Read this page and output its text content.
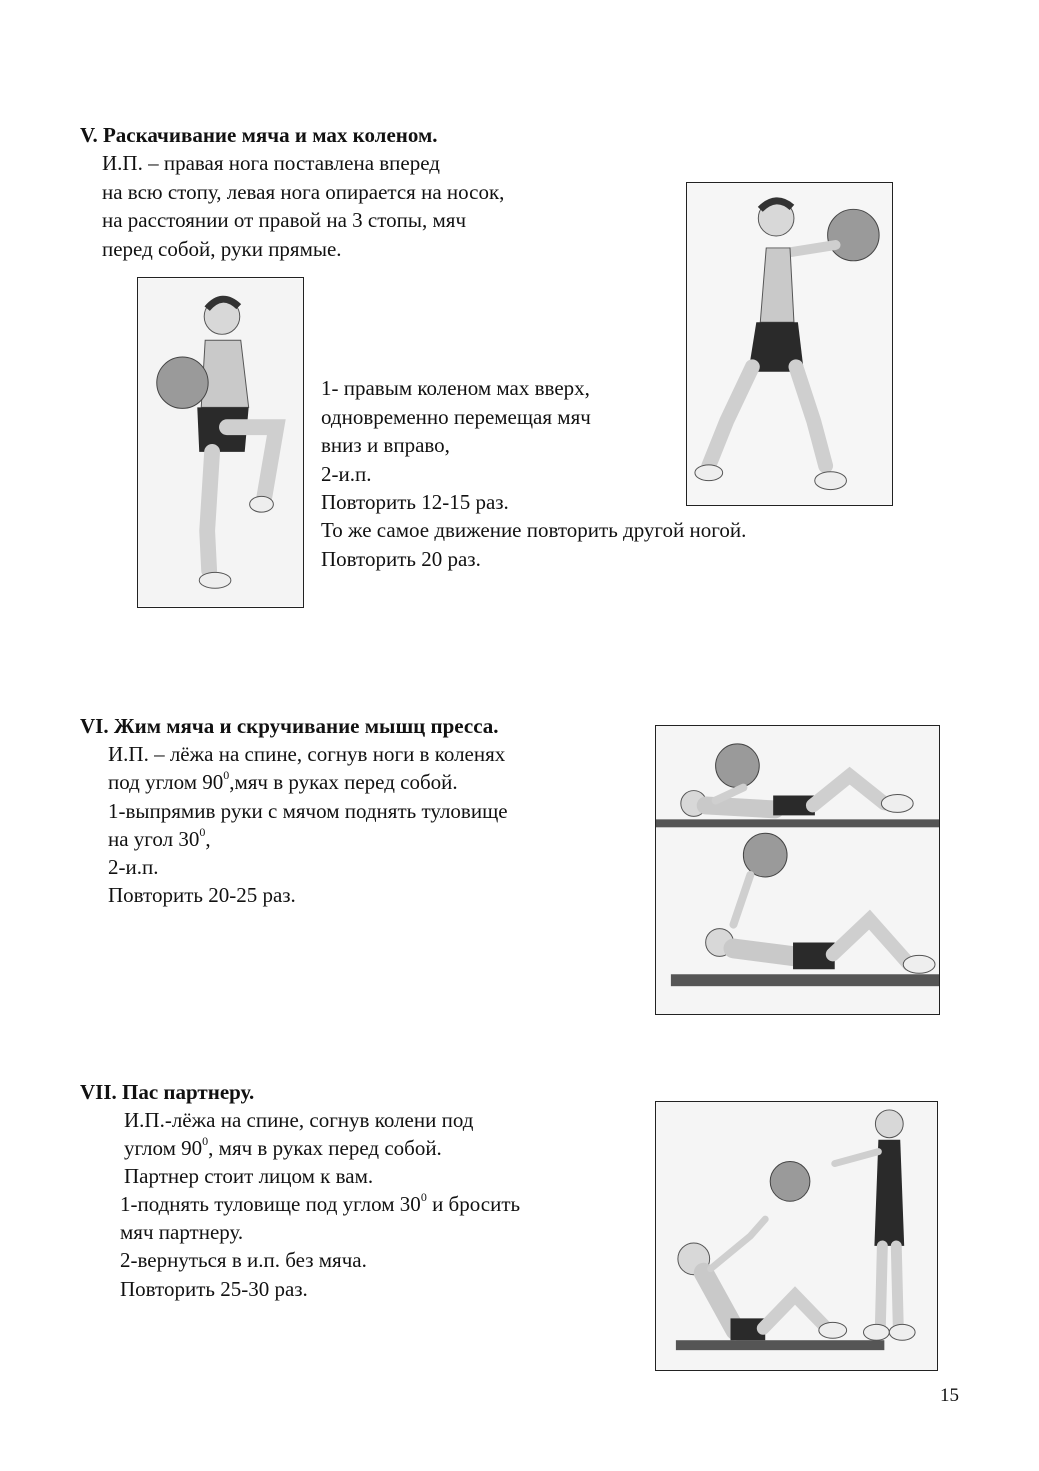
V. Раскачивание мяча и мах коленом.
И.П. – правая нога поставлена вперед
на всю стопу, левая нога опирается на носок,
на расстоянии от правой на 3 стопы, мяч
перед собой, руки прямые.
1- правым коленом мах вверх,
одновременно перемещая мяч
вниз и вправо,
2-и.п.
Повторить 12-15 раз.
То же самое движение повторить другой ногой.
Повторить 20 раз.
VI. Жим мяча и скручивание мышц пресса.
И.П. – лёжа на спине, согнув ноги в коленях
под углом $90^0,мяч$ в руках перед собой.
1-выпрямив руки с мячом поднять туловище
на угол $30^0$,
2-и.п.
Повторить 20-25 раз.
VII. Пас партнеру.
И.П.-лёжа на спине, согнув колени под
углом $90^0$, мяч в руках перед собой.
Партнер стоит лицом к вам.
1-поднять туловище под углом $30^0$ и бросить
мяч партнеру.
2-вернуться в и.п. без мяча.
Повторить 25-30 раз.
15
